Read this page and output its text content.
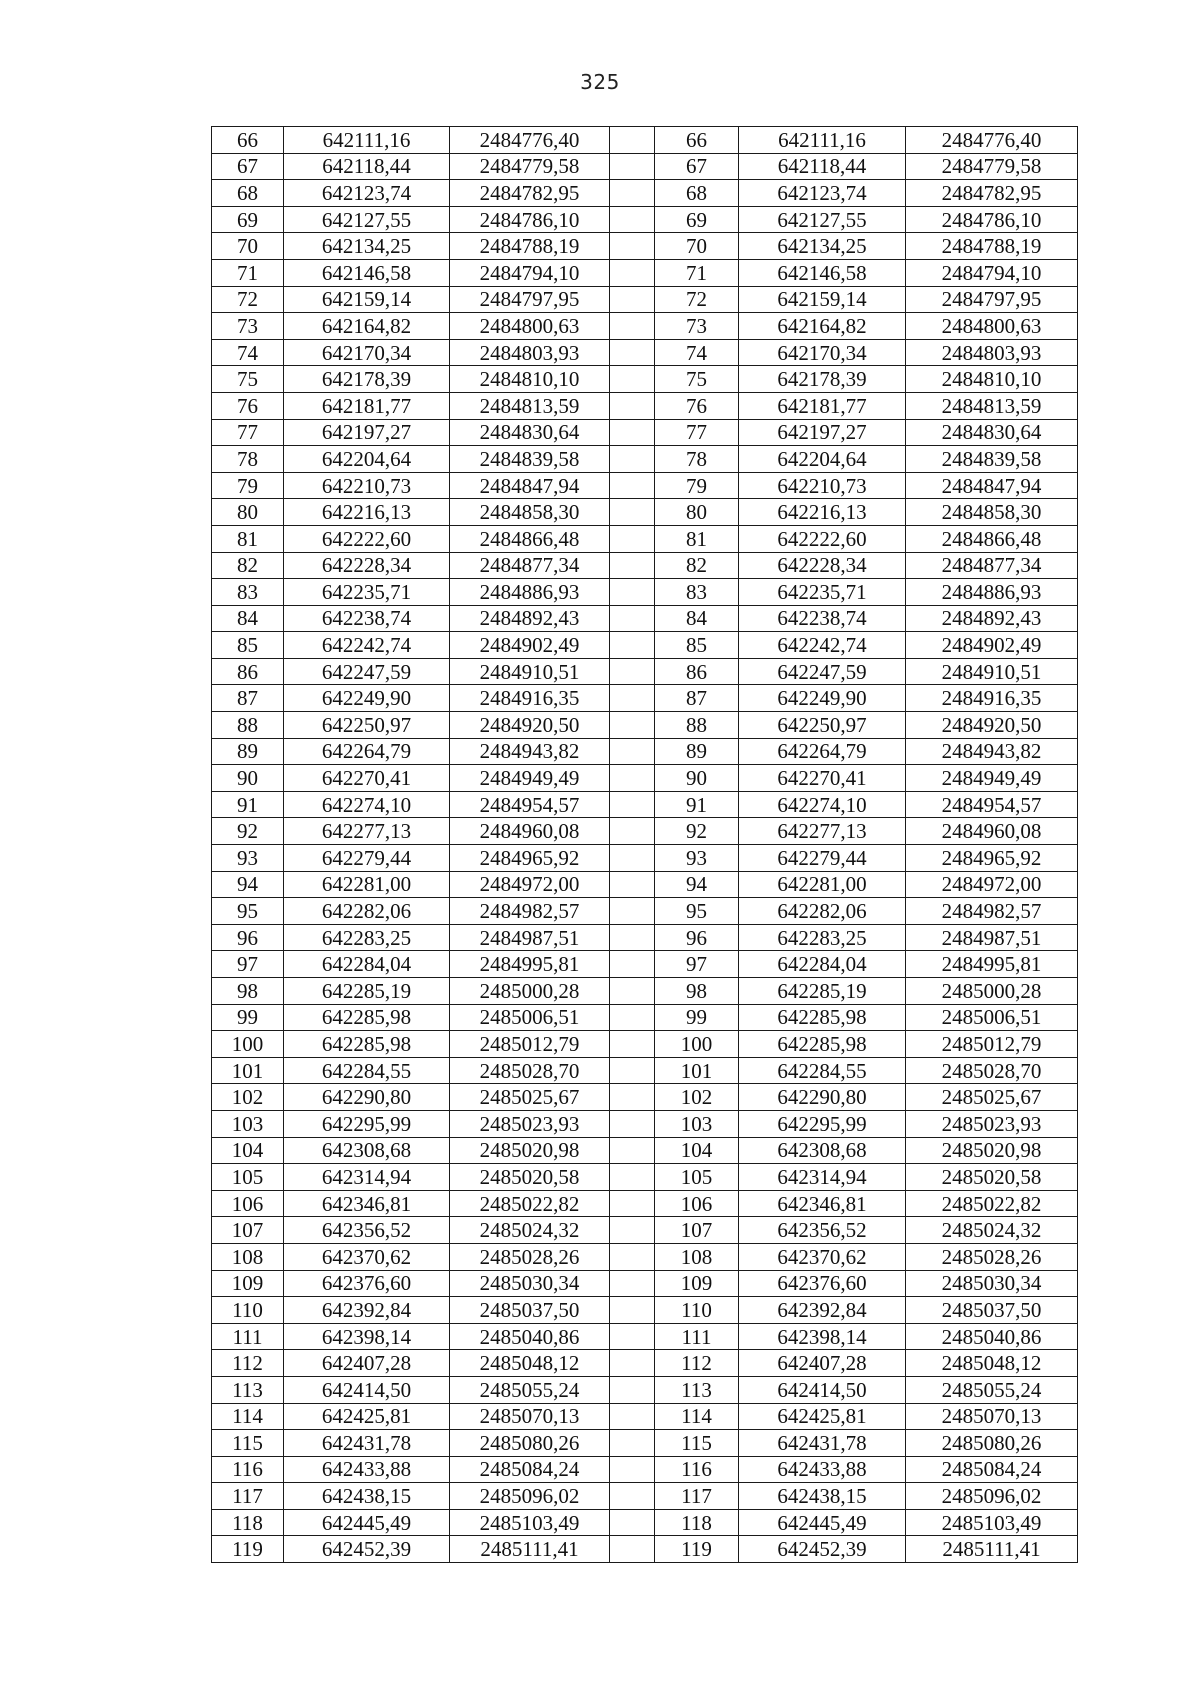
325
66	642111,16	2484776,40		66	642111,16	2484776,40
67	642118,44	2484779,58		67	642118,44	2484779,58
68	642123,74	2484782,95		68	642123,74	2484782,95
69	642127,55	2484786,10		69	642127,55	2484786,10
70	642134,25	2484788,19		70	642134,25	2484788,19
71	642146,58	2484794,10		71	642146,58	2484794,10
72	642159,14	2484797,95		72	642159,14	2484797,95
73	642164,82	2484800,63		73	642164,82	2484800,63
74	642170,34	2484803,93		74	642170,34	2484803,93
75	642178,39	2484810,10		75	642178,39	2484810,10
76	642181,77	2484813,59		76	642181,77	2484813,59
77	642197,27	2484830,64		77	642197,27	2484830,64
78	642204,64	2484839,58		78	642204,64	2484839,58
79	642210,73	2484847,94		79	642210,73	2484847,94
80	642216,13	2484858,30		80	642216,13	2484858,30
81	642222,60	2484866,48		81	642222,60	2484866,48
82	642228,34	2484877,34		82	642228,34	2484877,34
83	642235,71	2484886,93		83	642235,71	2484886,93
84	642238,74	2484892,43		84	642238,74	2484892,43
85	642242,74	2484902,49		85	642242,74	2484902,49
86	642247,59	2484910,51		86	642247,59	2484910,51
87	642249,90	2484916,35		87	642249,90	2484916,35
88	642250,97	2484920,50		88	642250,97	2484920,50
89	642264,79	2484943,82		89	642264,79	2484943,82
90	642270,41	2484949,49		90	642270,41	2484949,49
91	642274,10	2484954,57		91	642274,10	2484954,57
92	642277,13	2484960,08		92	642277,13	2484960,08
93	642279,44	2484965,92		93	642279,44	2484965,92
94	642281,00	2484972,00		94	642281,00	2484972,00
95	642282,06	2484982,57		95	642282,06	2484982,57
96	642283,25	2484987,51		96	642283,25	2484987,51
97	642284,04	2484995,81		97	642284,04	2484995,81
98	642285,19	2485000,28		98	642285,19	2485000,28
99	642285,98	2485006,51		99	642285,98	2485006,51
100	642285,98	2485012,79		100	642285,98	2485012,79
101	642284,55	2485028,70		101	642284,55	2485028,70
102	642290,80	2485025,67		102	642290,80	2485025,67
103	642295,99	2485023,93		103	642295,99	2485023,93
104	642308,68	2485020,98		104	642308,68	2485020,98
105	642314,94	2485020,58		105	642314,94	2485020,58
106	642346,81	2485022,82		106	642346,81	2485022,82
107	642356,52	2485024,32		107	642356,52	2485024,32
108	642370,62	2485028,26		108	642370,62	2485028,26
109	642376,60	2485030,34		109	642376,60	2485030,34
110	642392,84	2485037,50		110	642392,84	2485037,50
111	642398,14	2485040,86		111	642398,14	2485040,86
112	642407,28	2485048,12		112	642407,28	2485048,12
113	642414,50	2485055,24		113	642414,50	2485055,24
114	642425,81	2485070,13		114	642425,81	2485070,13
115	642431,78	2485080,26		115	642431,78	2485080,26
116	642433,88	2485084,24		116	642433,88	2485084,24
117	642438,15	2485096,02		117	642438,15	2485096,02
118	642445,49	2485103,49		118	642445,49	2485103,49
119	642452,39	2485111,41		119	642452,39	2485111,41
